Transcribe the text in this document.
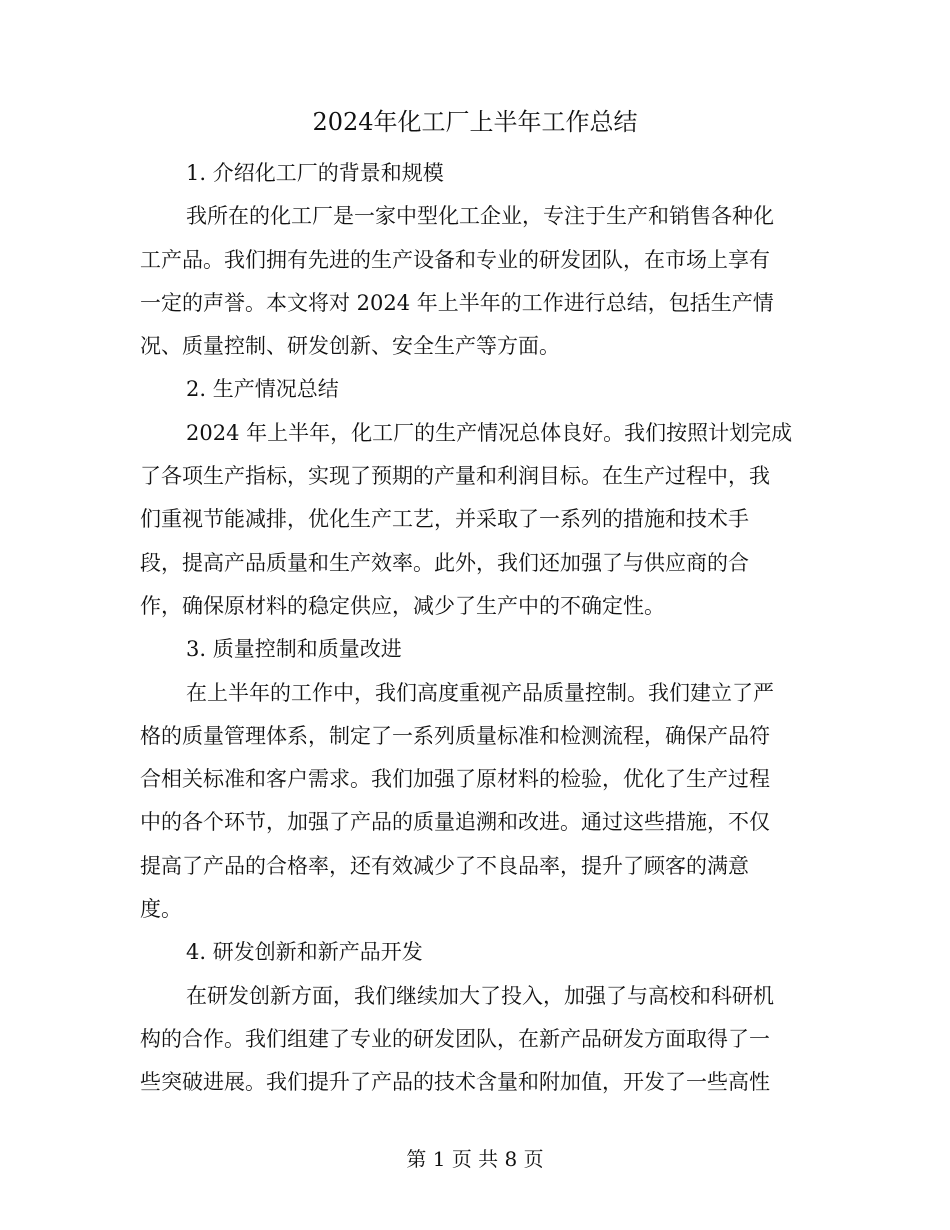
2024年化工厂上半年工作总结
1. 介绍化工厂的背景和规模
我所在的化工厂是一家中型化工企业，专注于生产和销售各种化
工产品。我们拥有先进的生产设备和专业的研发团队，在市场上享有
一定的声誉。本文将对 2024 年上半年的工作进行总结，包括生产情
况、质量控制、研发创新、安全生产等方面。
2. 生产情况总结
2024 年上半年，化工厂的生产情况总体良好。我们按照计划完成
了各项生产指标，实现了预期的产量和利润目标。在生产过程中，我
们重视节能减排，优化生产工艺，并采取了一系列的措施和技术手
段，提高产品质量和生产效率。此外，我们还加强了与供应商的合
作，确保原材料的稳定供应，减少了生产中的不确定性。
3. 质量控制和质量改进
在上半年的工作中，我们高度重视产品质量控制。我们建立了严
格的质量管理体系，制定了一系列质量标准和检测流程，确保产品符
合相关标准和客户需求。我们加强了原材料的检验，优化了生产过程
中的各个环节，加强了产品的质量追溯和改进。通过这些措施，不仅
提高了产品的合格率，还有效减少了不良品率，提升了顾客的满意
度。
4. 研发创新和新产品开发
在研发创新方面，我们继续加大了投入，加强了与高校和科研机
构的合作。我们组建了专业的研发团队，在新产品研发方面取得了一
些突破进展。我们提升了产品的技术含量和附加值，开发了一些高性
第 1 页 共 8 页
